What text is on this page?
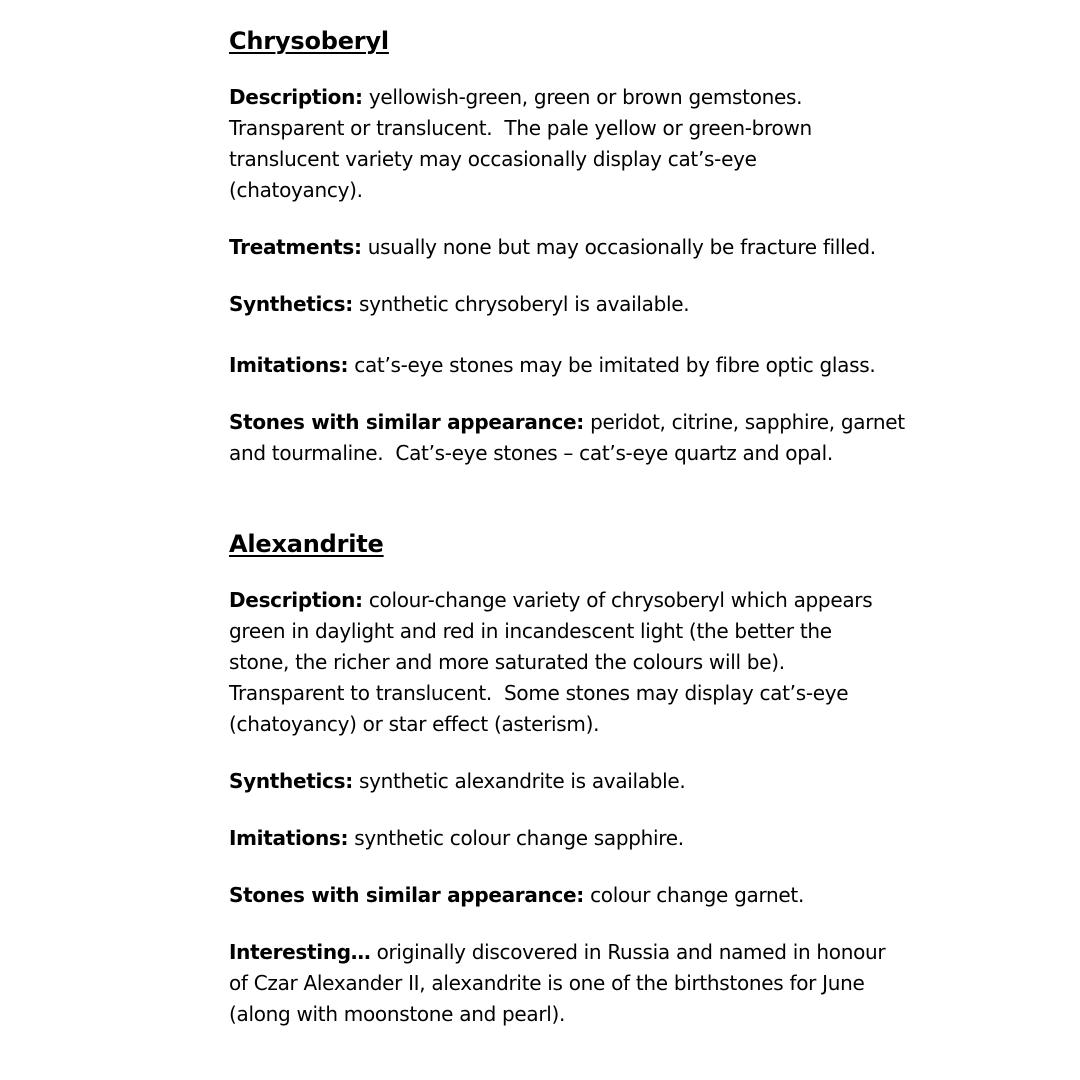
Chrysoberyl

Description: yellowish-green, green or brown gemstones.
Transparent or translucent.  The pale yellow or green-brown
translucent variety may occasionally display cat’s-eye
(chatoyancy).

Treatments: usually none but may occasionally be fracture filled.

Synthetics: synthetic chrysoberyl is available.

Imitations: cat’s-eye stones may be imitated by fibre optic glass.

Stones with similar appearance: peridot, citrine, sapphire, garnet
and tourmaline.  Cat’s-eye stones – cat’s-eye quartz and opal.

Alexandrite

Description: colour-change variety of chrysoberyl which appears
green in daylight and red in incandescent light (the better the
stone, the richer and more saturated the colours will be).
Transparent to translucent.  Some stones may display cat’s-eye
(chatoyancy) or star effect (asterism).

Synthetics: synthetic alexandrite is available.

Imitations: synthetic colour change sapphire.

Stones with similar appearance: colour change garnet.

Interesting… originally discovered in Russia and named in honour
of Czar Alexander II, alexandrite is one of the birthstones for June
(along with moonstone and pearl).
